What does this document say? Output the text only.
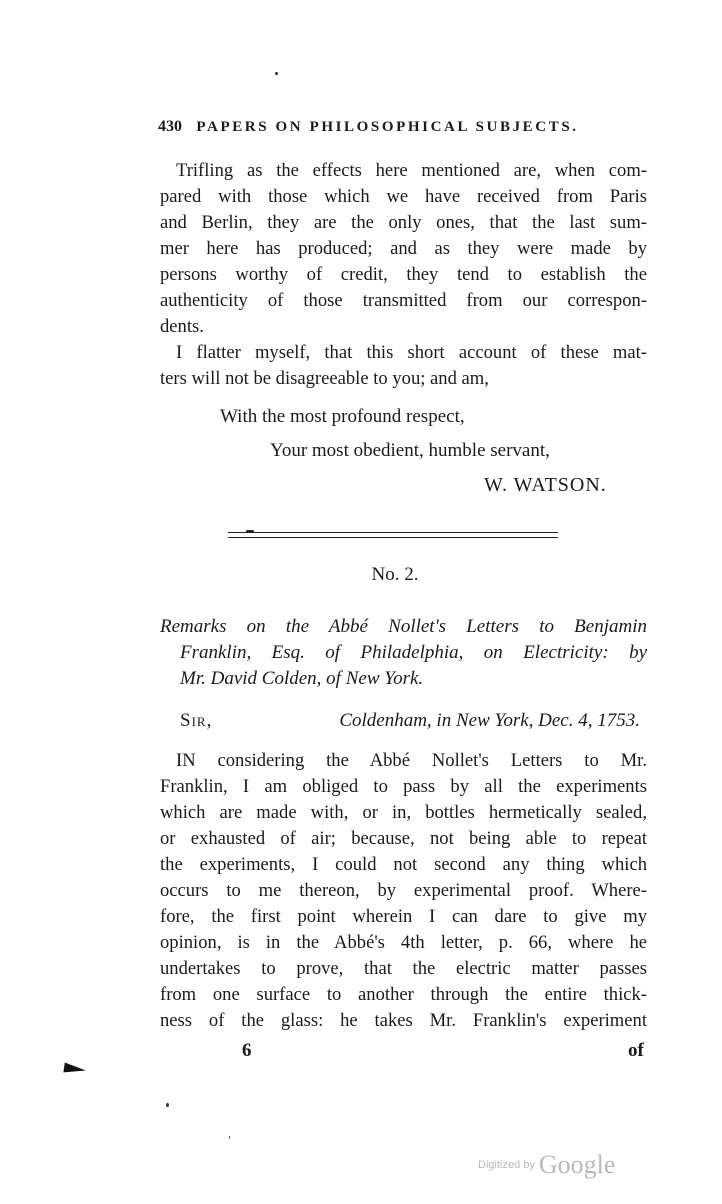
430 PAPERS ON PHILOSOPHICAL SUBJECTS.
Trifling as the effects here mentioned are, when com-
pared with those which we have received from Paris
and Berlin, they are the only ones, that the last sum-
mer here has produced; and as they were made by
persons worthy of credit, they tend to establish the
authenticity of those transmitted from our correspon-
dents.
I flatter myself, that this short account of these mat-
ters will not be disagreeable to you; and am,
With the most profound respect,
Your most obedient, humble servant,
W. WATSON.
No. 2.
Remarks on the Abbé Nollet's Letters to Benjamin
Franklin, Esq. of Philadelphia, on Electricity: by
Mr. David Colden, of New York.
Sir,	Coldenham, in New York, Dec. 4, 1753.
IN considering the Abbé Nollet's Letters to Mr.
Franklin, I am obliged to pass by all the experiments
which are made with, or in, bottles hermetically sealed,
or exhausted of air; because, not being able to repeat
the experiments, I could not second any thing which
occurs to me thereon, by experimental proof. Where-
fore, the first point wherein I can dare to give my
opinion, is in the Abbé's 4th letter, p. 66, where he
undertakes to prove, that the electric matter passes
from one surface to another through the entire thick-
ness of the glass: he takes Mr. Franklin's experiment
6	of
Digitized by Google
